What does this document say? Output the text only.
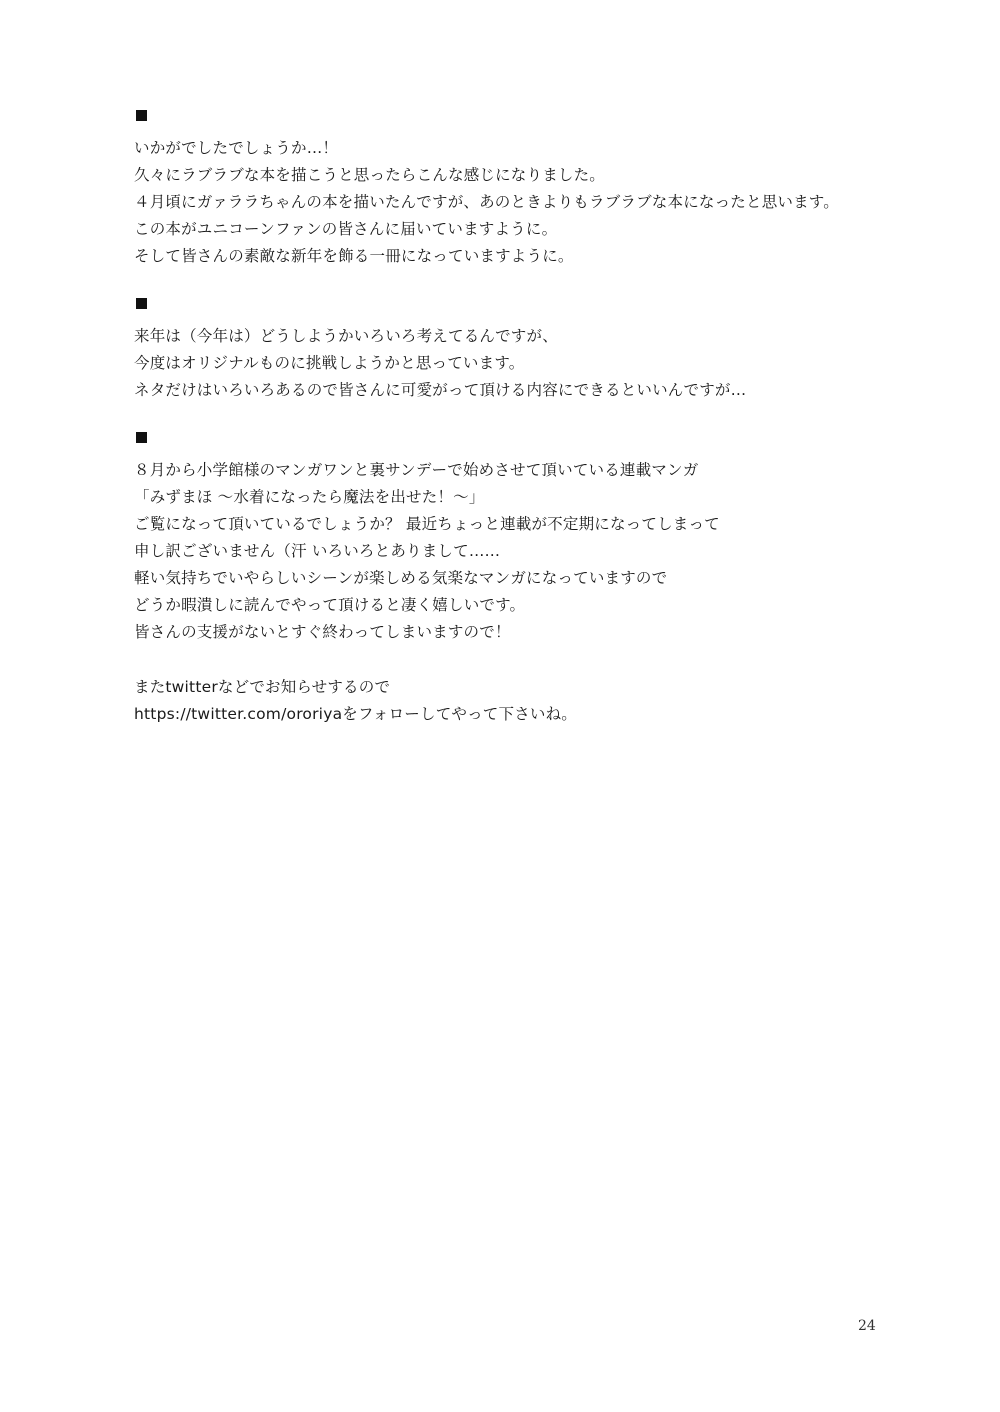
いかがでしたでしょうか…！
久々にラブラブな本を描こうと思ったらこんな感じになりました。
４月頃にガァララちゃんの本を描いたんですが、あのときよりもラブラブな本になったと思います。
この本がユニコーンファンの皆さんに届いていますように。
そして皆さんの素敵な新年を飾る一冊になっていますように。
来年は（今年は）どうしようかいろいろ考えてるんですが、
今度はオリジナルものに挑戦しようかと思っています。
ネタだけはいろいろあるので皆さんに可愛がって頂ける内容にできるといいんですが…
８月から小学館様のマンガワンと裏サンデーで始めさせて頂いている連載マンガ
「みずまほ 〜水着になったら魔法を出せた！〜」
ご覧になって頂いているでしょうか？ 最近ちょっと連載が不定期になってしまって
申し訳ございません（汗 いろいろとありまして……
軽い気持ちでいやらしいシーンが楽しめる気楽なマンガになっていますので
どうか暇潰しに読んでやって頂けると凄く嬉しいです。
皆さんの支援がないとすぐ終わってしまいますので！
またtwitterなどでお知らせするので
https://twitter.com/ororiyaをフォローしてやって下さいね。
24
